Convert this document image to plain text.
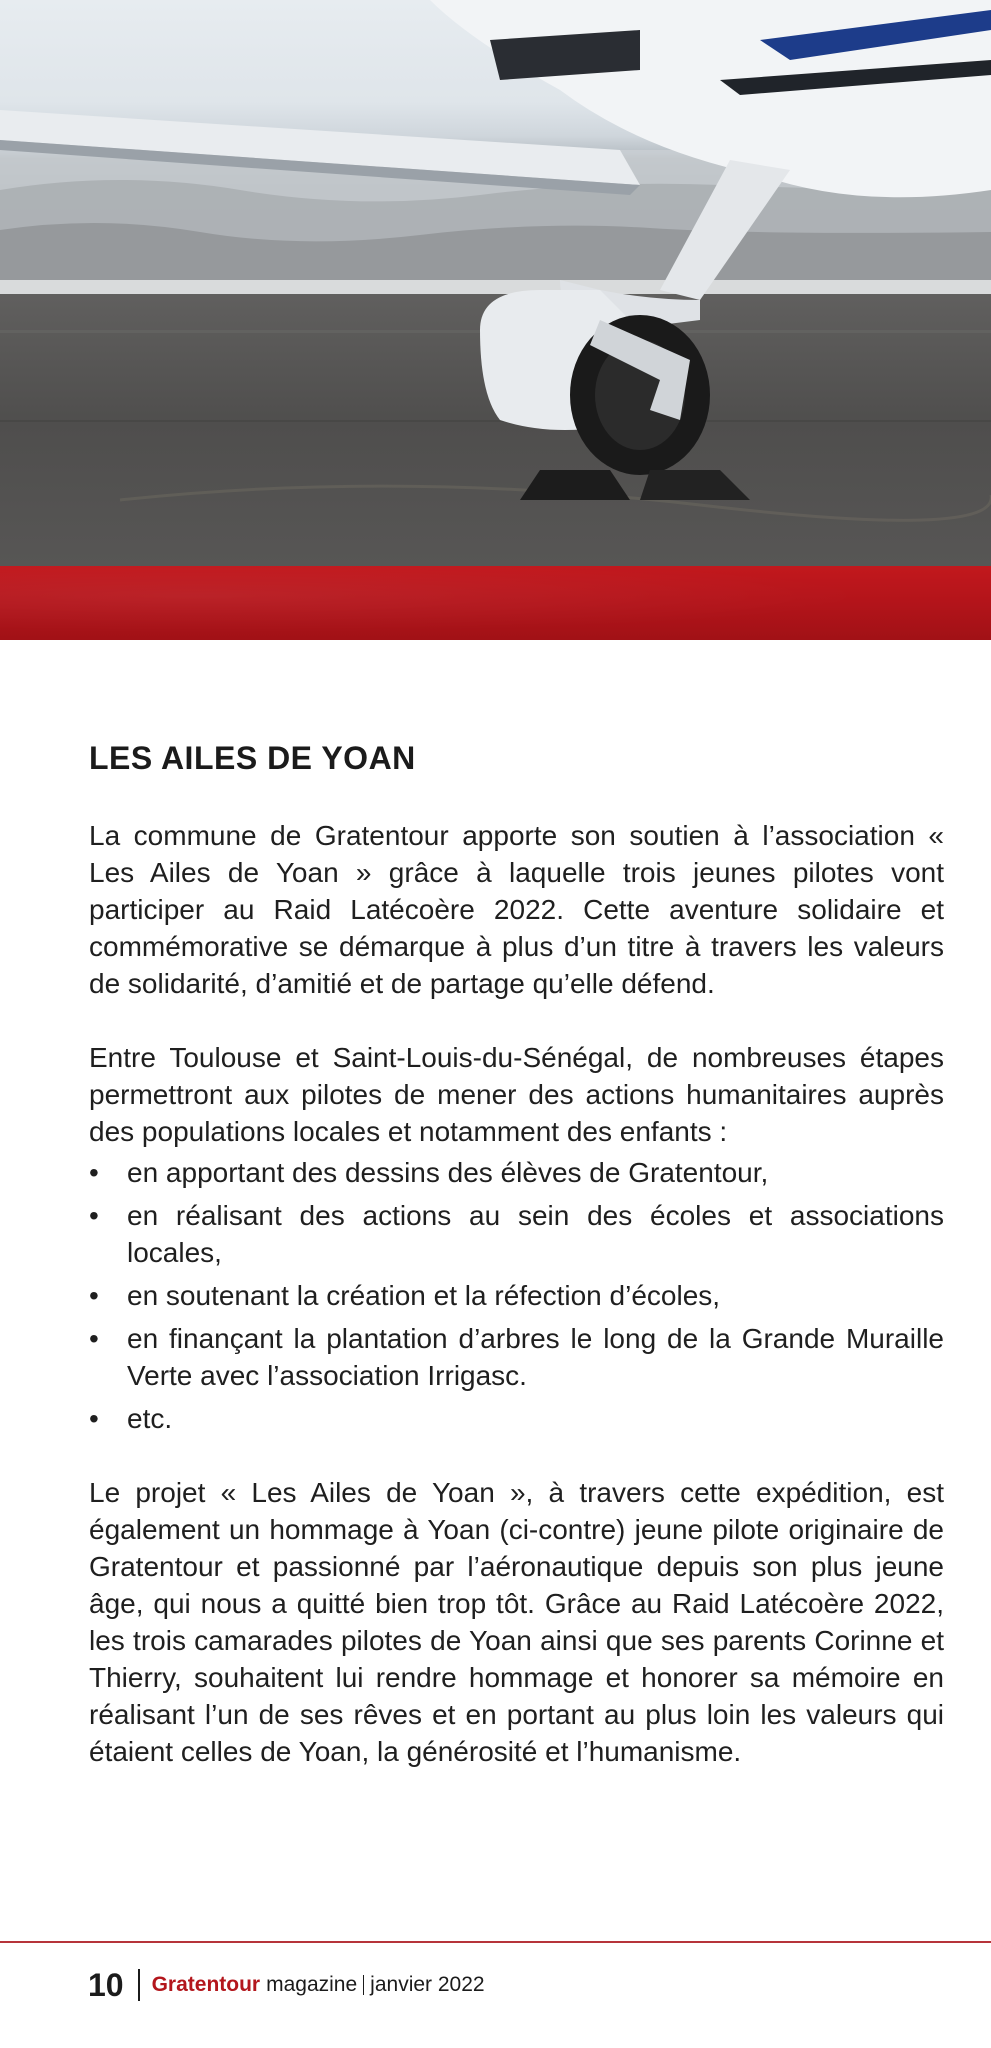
LES AILES DE YOAN

La commune de Gratentour apporte son soutien à l’association « Les Ailes de Yoan » grâce à laquelle trois jeunes pilotes vont participer au Raid Latécoère 2022. Cette aventure solidaire et commémorative se démarque à plus d’un titre à travers les valeurs de solidarité, d’amitié et de partage qu’elle défend.

Entre Toulouse et Saint-Louis-du-Sénégal, de nombreuses étapes permettront aux pilotes de mener des actions humanitaires auprès des populations locales et notamment des enfants :

•	en apportant des dessins des élèves de Gratentour,
•	en réalisant des actions au sein des écoles et associations locales,
•	en soutenant la création et la réfection d’écoles,
•	en finançant la plantation d’arbres le long de la Grande Muraille Verte avec l’association Irrigasc.
•	etc.

Le projet « Les Ailes de Yoan », à travers cette expédition, est également un hommage à Yoan (ci-contre) jeune pilote originaire de Gratentour et passionné par l’aéronautique depuis son plus jeune âge, qui nous a quitté bien trop tôt. Grâce au Raid Latécoère 2022, les trois camarades pilotes de Yoan ainsi que ses parents Corinne et Thierry, souhaitent lui rendre hommage et honorer sa mémoire en réalisant l’un de ses rêves et en portant au plus loin les valeurs qui étaient celles de Yoan, la générosité et l’humanisme.

10 Gratentour magazine janvier 2022
